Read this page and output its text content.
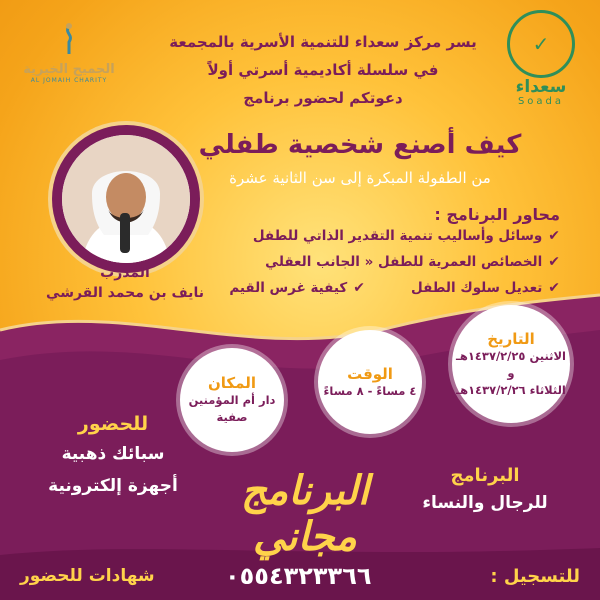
✓
سعداء
Soada
الجميح الخيرية
AL JOMAIH CHARITY
يسر مركز سعداء للتنمية الأسرية بالمجمعة
في سلسلة أكاديمية أسرتي أولاً
دعوتكم لحضور برنامج
كيف أصنع شخصية طفلي
من الطفولة المبكرة إلى سن الثانية عشرة
المدرب
نايف بن محمد القرشي
محاور البرنامج :
✔
وسائل وأساليب تنمية التقدير الذاتي للطفل
✔
الخصائص العمرية للطفل « الجانب العقلي
✔
تعديل سلوك الطفل
✔
كيفية غرس القيم
التاريخ
الاثنين ١٤٣٧/٢/٢٥هـ
و
الثلاثاء ١٤٣٧/٢/٢٦هـ
الوقت
٤ مساءً - ٨ مساءً
المكان
دار أم المؤمنين
صفية
للحضور
سبائك ذهبية
أجهزة إلكترونية	البرنامج مجاني
البرنامج
للرجال والنساء
للتسجيل :
٠٥٥٤٣٢٣٣٦٦
شهادات للحضور
